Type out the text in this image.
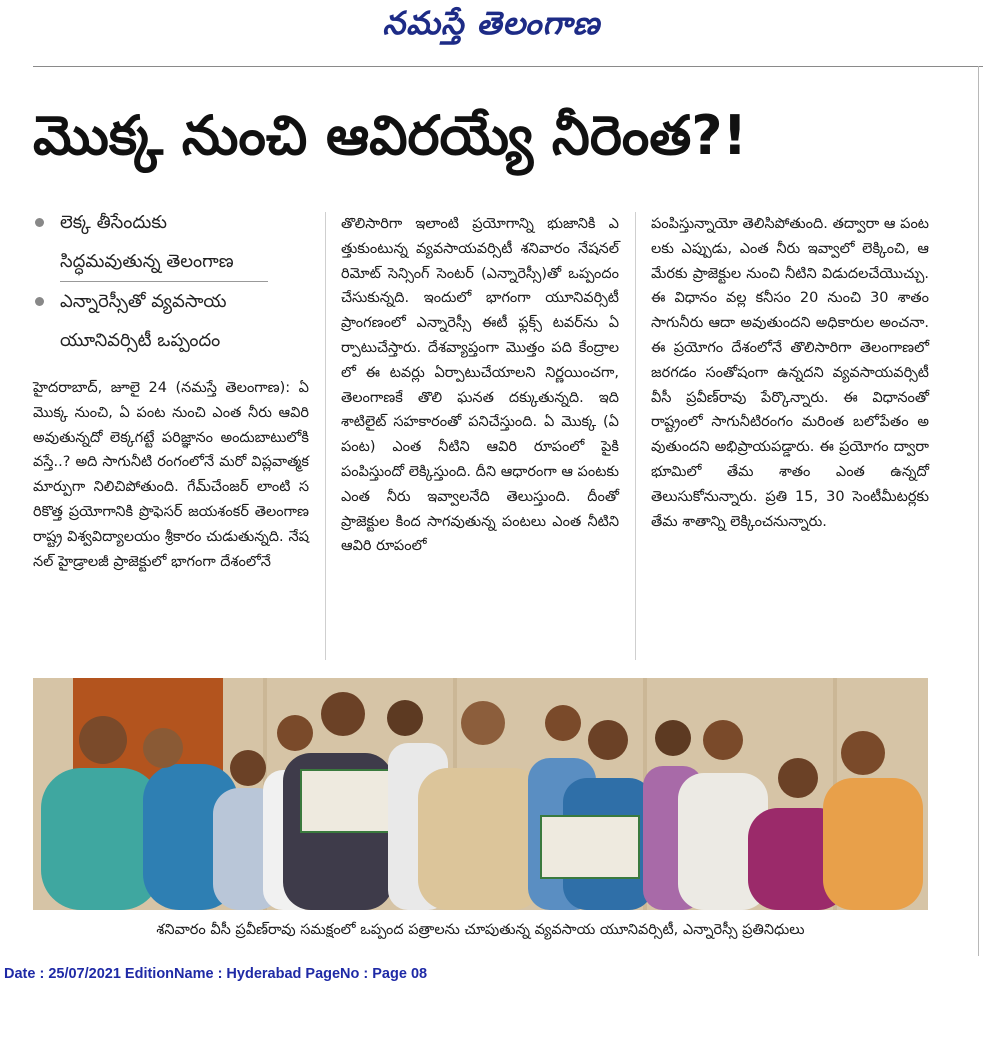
నమస్తే తెలంగాణ
మొక్క నుంచి ఆవిరయ్యే నీరెంత?!
లెక్క తీసేందుకు
సిద్ధమవుతున్న తెలంగాణ
ఎన్నారెస్సీతో వ్యవసాయ
యూనివర్సిటీ ఒప్పందం
హైదరాబాద్, జూలై 24 (నమస్తే తెలంగాణ): ఏ మొక్క నుంచి, ఏ పంట నుంచి ఎంత నీరు ఆవిరి అవుతున్నదో లెక్కగట్టే పరిజ్ఞానం అందుబాటులోకి వస్తే..? అది సాగునీటి రంగంలోనే మరో విప్లవాత్మక మార్పుగా నిలిచిపోతుంది. గేమ్‌చేంజర్ లాంటి సరికొత్త ప్రయోగానికి ప్రొఫెసర్ జయశంకర్ తెలంగాణ రాష్ట్ర విశ్వవిద్యాలయం శ్రీకారం చుడుతున్నది. నేషనల్ హైడ్రాలజీ ప్రాజెక్టులో భాగంగా దేశంలోనే
తొలిసారిగా ఇలాంటి ప్రయోగాన్ని భుజానికి ఎత్తుకుంటున్న వ్యవసాయవర్సిటీ శనివారం నేషనల్ రిమోట్ సెన్సింగ్ సెంటర్ (ఎన్నారెస్సీ)తో ఒప్పందం చేసుకున్నది. ఇందులో భాగంగా యూనివర్సిటీ ప్రాంగణంలో ఎన్నారెస్సీ ఈటీ ఫ్లక్స్ టవర్‌ను ఏర్పాటుచేస్తారు. దేశవ్యాప్తంగా మొత్తం పది కేంద్రాలలో ఈ టవర్లు ఏర్పాటుచేయాలని నిర్ణయించగా, తెలంగాణకే తొలి ఘనత దక్కుతున్నది. ఇది శాటిలైట్ సహకారంతో పనిచేస్తుంది. ఏ మొక్క (ఏ పంట) ఎంత నీటిని ఆవిరి రూపంలో పైకి పంపిస్తుందో లెక్కిస్తుంది. దీని ఆధారంగా ఆ పంటకు ఎంత నీరు ఇవ్వాలనేది తెలుస్తుంది. దీంతో ప్రాజెక్టుల కింద సాగవుతున్న పంటలు ఎంత నీటిని ఆవిరి రూపంలో
పంపిస్తున్నాయో తెలిసిపోతుంది. తద్వారా ఆ పంటలకు ఎప్పుడు, ఎంత నీరు ఇవ్వాలో లెక్కించి, ఆ మేరకు ప్రాజెక్టుల నుంచి నీటిని విడుదలచేయొచ్చు. ఈ విధానం వల్ల కనీసం 20 నుంచి 30 శాతం సాగునీరు ఆదా అవుతుందని అధికారుల అంచనా. ఈ ప్రయోగం దేశంలోనే తొలిసారిగా తెలంగాణలో జరగడం సంతోషంగా ఉన్నదని వ్యవసాయవర్సిటీ వీసీ ప్రవీణ్‌రావు పేర్కొన్నారు. ఈ విధానంతో రాష్ట్రంలో సాగునీటిరంగం మరింత బలోపేతం అవుతుందని అభిప్రాయపడ్డారు. ఈ ప్రయోగం ద్వారా భూమిలో తేమ శాతం ఎంత ఉన్నదో తెలుసుకోనున్నారు. ప్రతి 15, 30 సెంటీమీటర్లకు తేమ శాతాన్ని లెక్కించనున్నారు.
శనివారం వీసీ ప్రవీణ్‌రావు సమక్షంలో ఒప్పంద పత్రాలను చూపుతున్న వ్యవసాయ యూనివర్సిటీ, ఎన్నారెస్సీ ప్రతినిధులు
Date : 25/07/2021 EditionName : Hyderabad PageNo : Page 08
